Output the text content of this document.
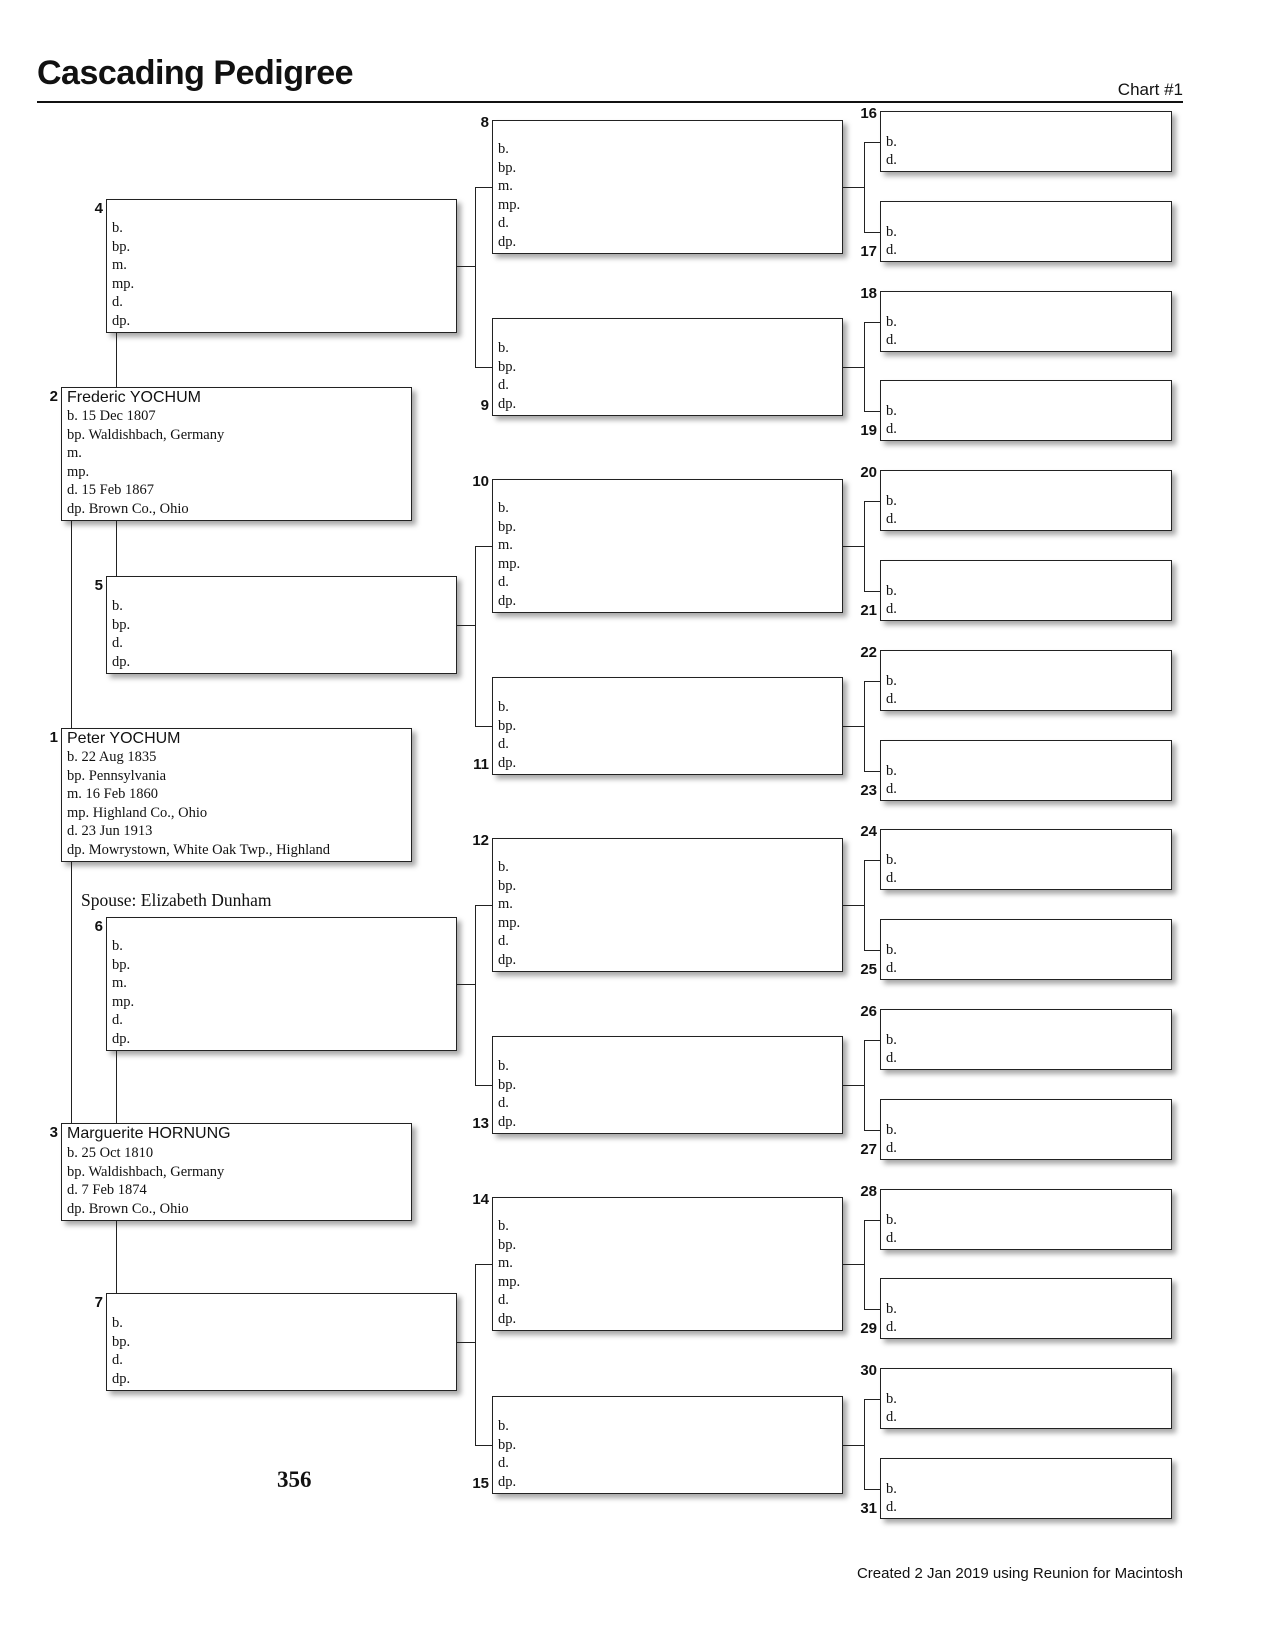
Cascading Pedigree	Chart #1
Peter YOCHUM
b. 22 Aug 1835
bp. Pennsylvania
m. 16 Feb 1860
mp. Highland Co., Ohio
d. 23 Jun 1913
dp. Mowrystown, White Oak Twp., Highland
1
Frederic YOCHUM
b. 15 Dec 1807
bp. Waldishbach, Germany
m.
mp.
d. 15 Feb 1867
dp. Brown Co., Ohio
2
Marguerite HORNUNG
b. 25 Oct 1810
bp. Waldishbach, Germany
d. 7 Feb 1874
dp. Brown Co., Ohio
3
b.
bp.
m.
mp.
d.
dp.
4
b.
bp.
d.
dp.
5
b.
bp.
m.
mp.
d.
dp.
6
b.
bp.
d.
dp.
7
b.
bp.
m.
mp.
d.
dp.
8
b.
bp.
d.
dp.
9
b.
bp.
m.
mp.
d.
dp.
10
b.
bp.
d.
dp.
11
b.
bp.
m.
mp.
d.
dp.
12
b.
bp.
d.
dp.
13
b.
bp.
m.
mp.
d.
dp.
14
b.
bp.
d.
dp.
15
b.
d.
16
b.
d.
17
b.
d.
18
b.
d.
19
b.
d.
20
b.
d.
21
b.
d.
22
b.
d.
23
b.
d.
24
b.
d.
25
b.
d.
26
b.
d.
27
b.
d.
28
b.
d.
29
b.
d.
30
b.
d.
31
Spouse: Elizabeth Dunham
356
Created 2 Jan 2019 using Reunion for Macintosh
